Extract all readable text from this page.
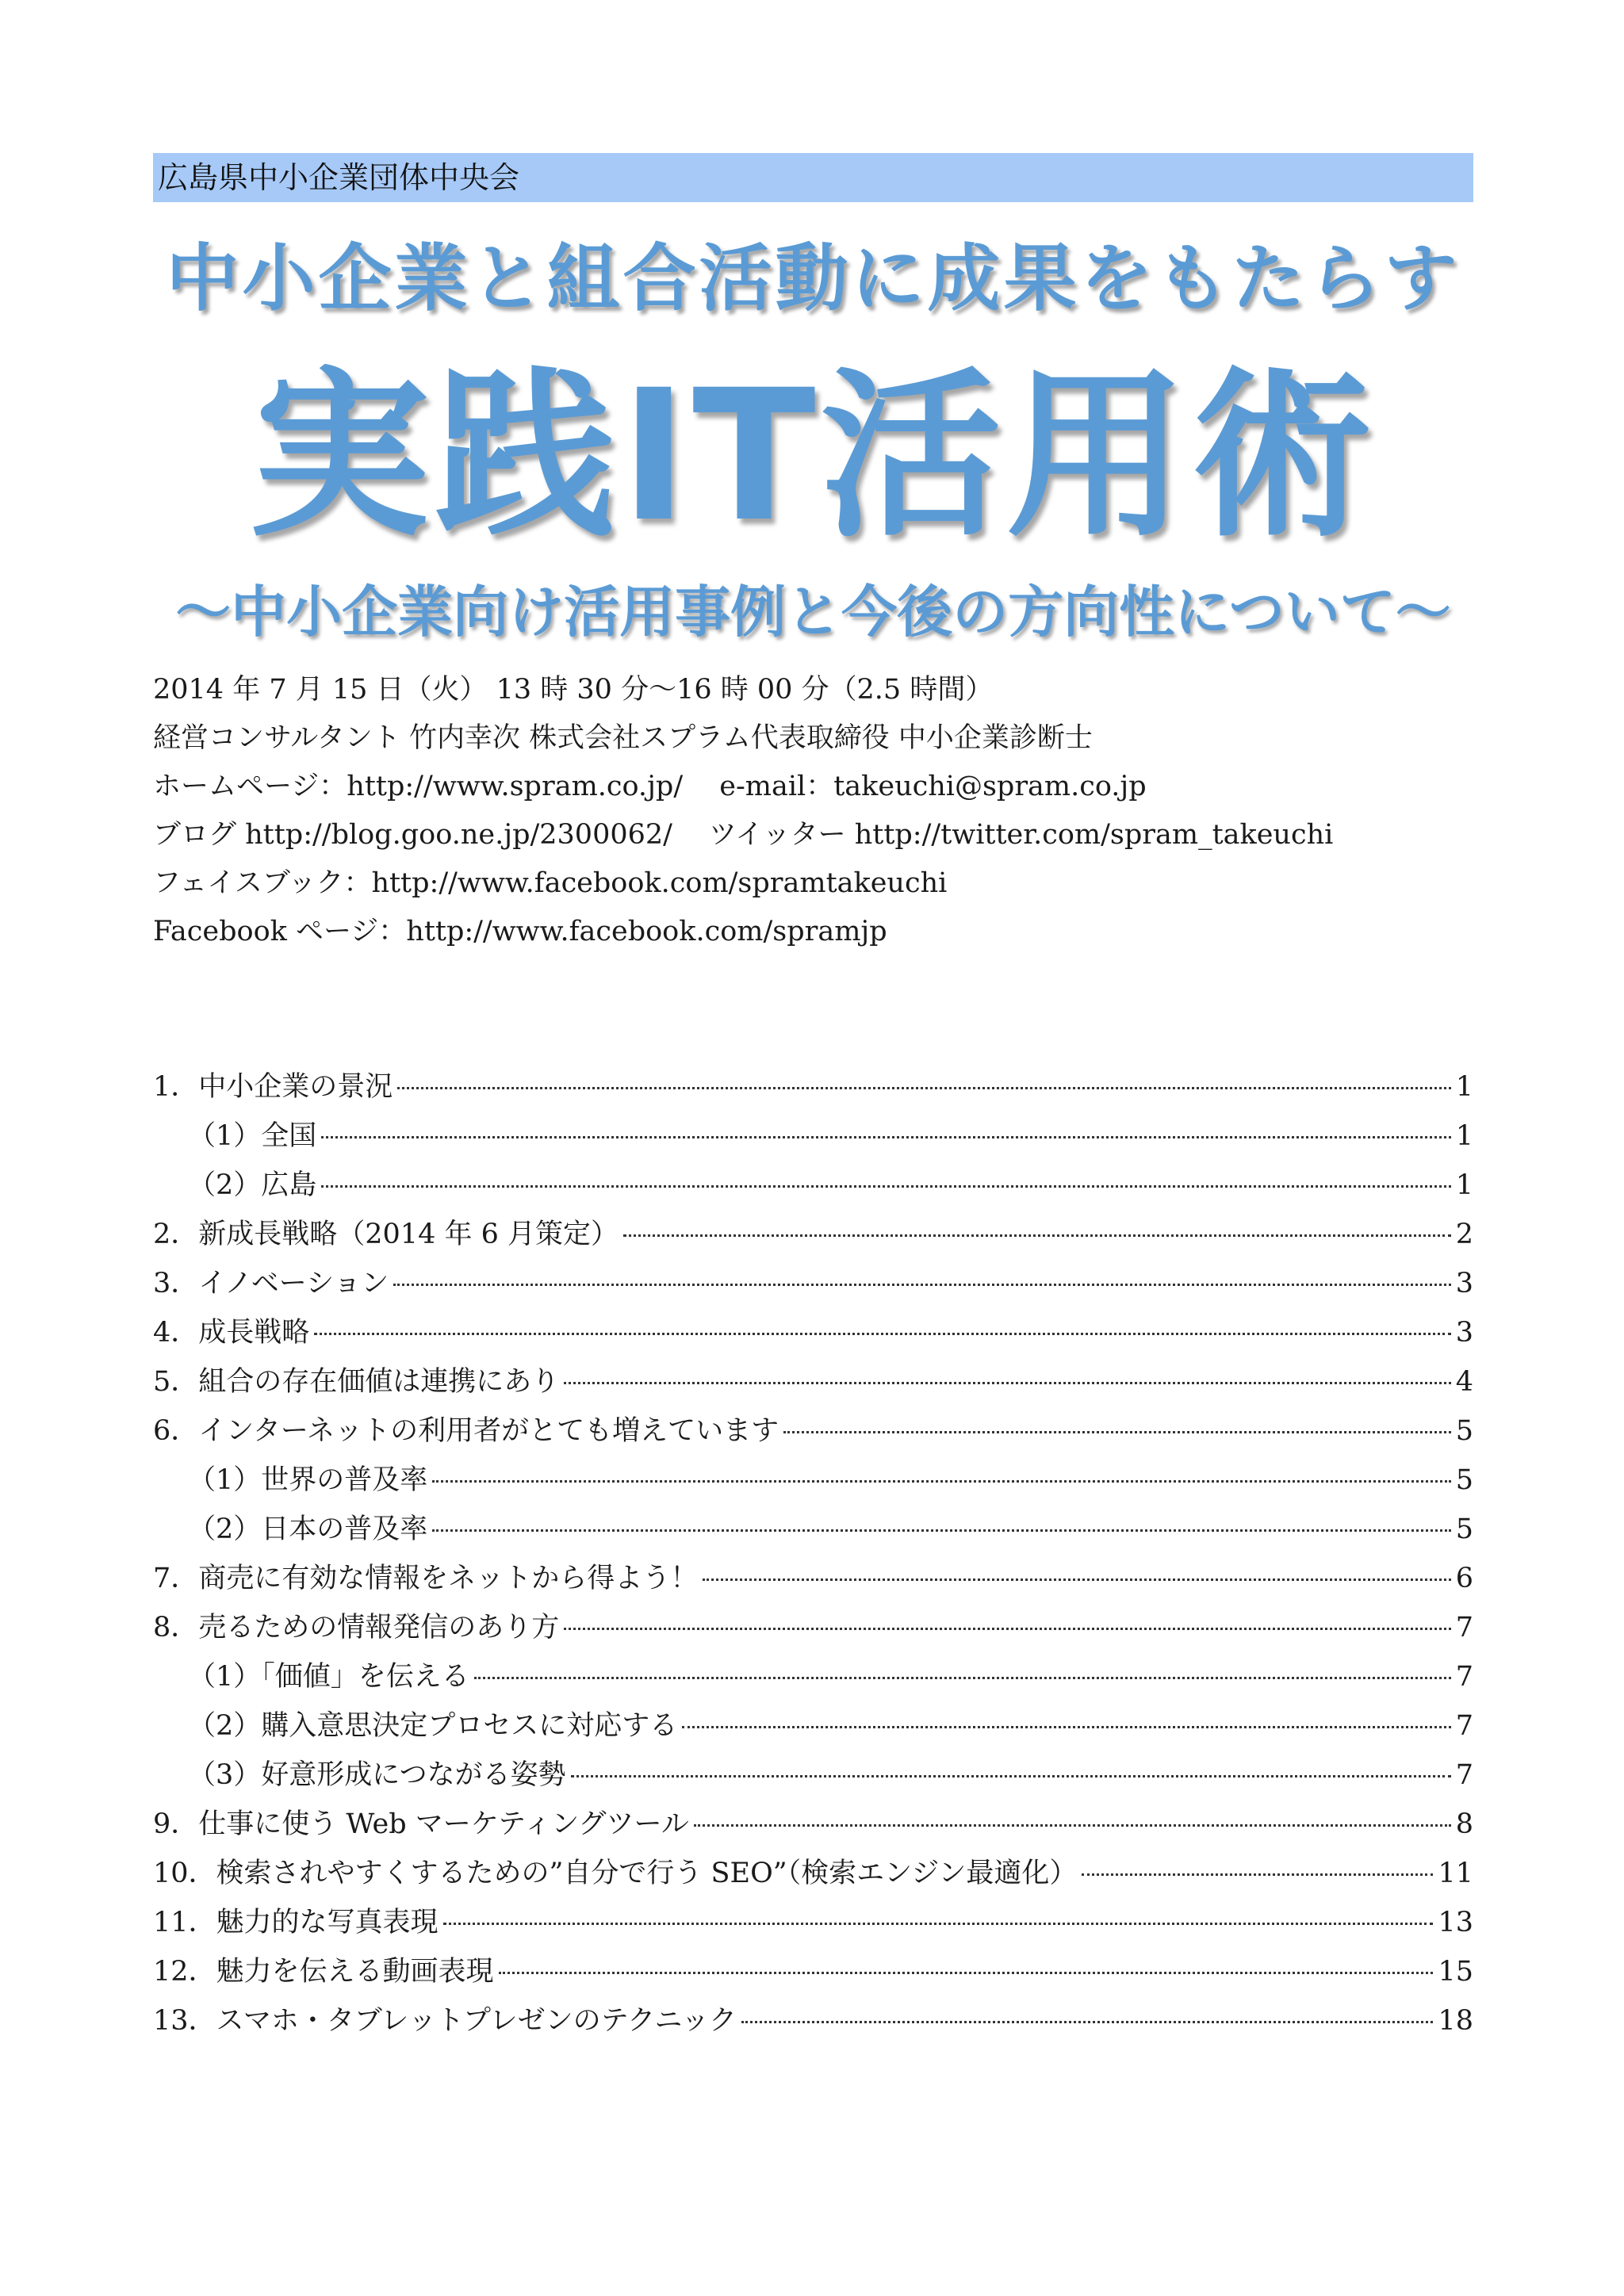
広島県中小企業団体中央会
中小企業と組合活動に成果をもたらす
実践IT活用術
〜中小企業向け活用事例と今後の方向性について〜
2014 年 7 月 15 日（火） 13 時 30 分〜16 時 00 分（2.5 時間）
経営コンサルタント 竹内幸次 株式会社スプラム代表取締役 中小企業診断士
ホームページ：http://www.spram.co.jp/　 e-mail：takeuchi@spram.co.jp
ブログ http://blog.goo.ne.jp/2300062/ 　ツイッター http://twitter.com/spram_takeuchi
フェイスブック：http://www.facebook.com/spramtakeuchi
Facebook ページ：http://www.facebook.com/spramjp
1．中小企業の景況	1
（1）全国	1
（2）広島	1
2．新成長戦略（2014 年 6 月策定）	2
3．イノベーション	3
4．成長戦略	3
5．組合の存在価値は連携にあり	4
6．インターネットの利用者がとても増えています	5
（1）世界の普及率	5
（2）日本の普及率	5
7．商売に有効な情報をネットから得よう！	6
8．売るための情報発信のあり方	7
（1）「価値」を伝える	7
（2）購入意思決定プロセスに対応する	7
（3）好意形成につながる姿勢	7
9．仕事に使う Web マーケティングツール	8
10．検索されやすくするための”自分で行う SEO”（検索エンジン最適化）	11
11．魅力的な写真表現	13
12．魅力を伝える動画表現	15
13．スマホ・タブレットプレゼンのテクニック	18
